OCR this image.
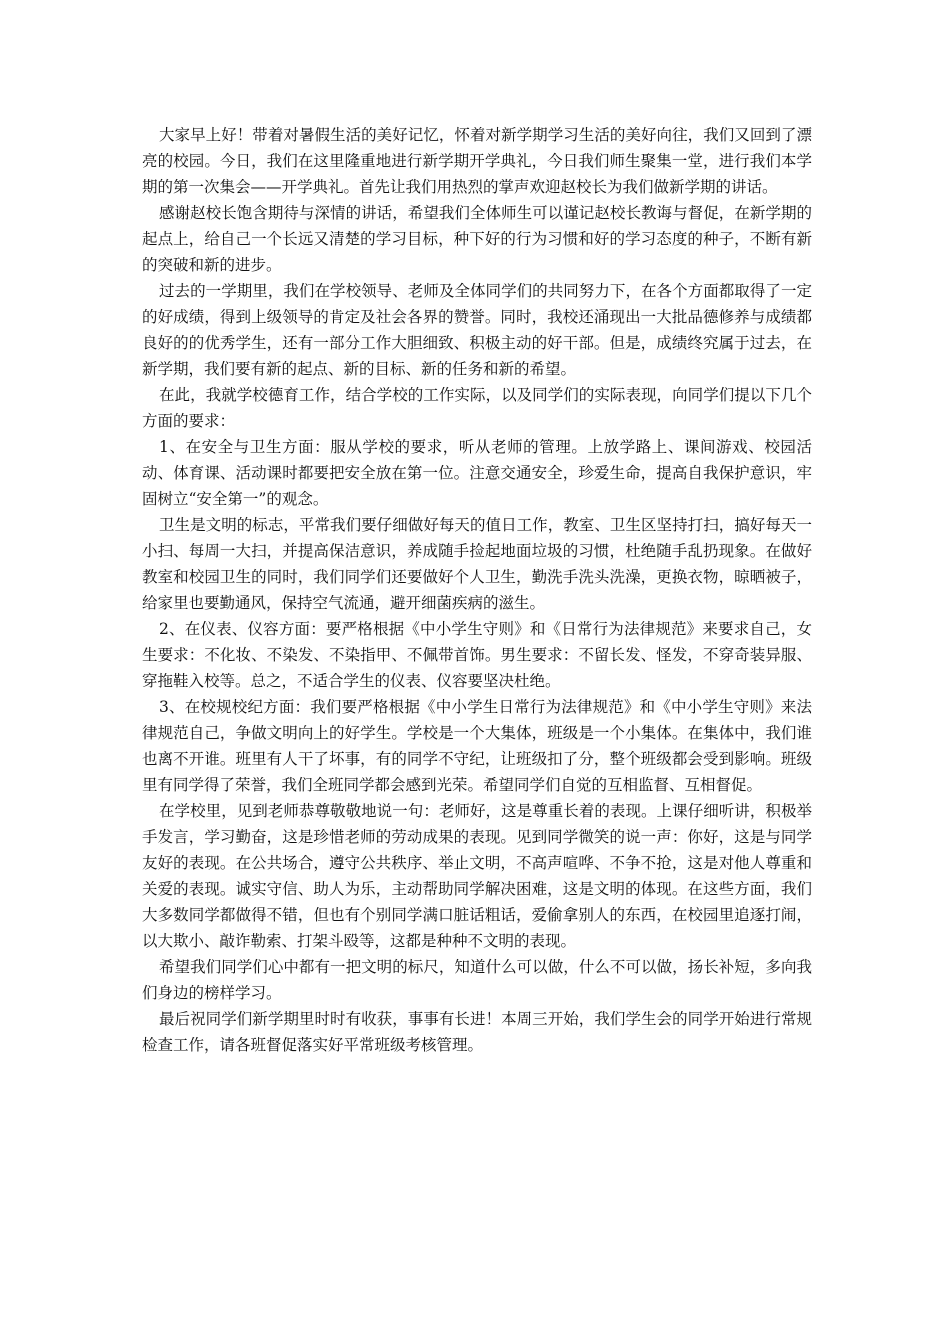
大家早上好！带着对暑假生活的美好记忆，怀着对新学期学习生活的美好向往，我们又回到了漂亮的校园。今日，我们在这里隆重地进行新学期开学典礼，今日我们师生聚集一堂，进行我们本学期的第一次集会——开学典礼。首先让我们用热烈的掌声欢迎赵校长为我们做新学期的讲话。

感谢赵校长饱含期待与深情的讲话，希望我们全体师生可以谨记赵校长教诲与督促，在新学期的起点上，给自己一个长远又清楚的学习目标，种下好的行为习惯和好的学习态度的种子，不断有新的突破和新的进步。

过去的一学期里，我们在学校领导、老师及全体同学们的共同努力下，在各个方面都取得了一定的好成绩，得到上级领导的肯定及社会各界的赞誉。同时，我校还涌现出一大批品德修养与成绩都良好的的优秀学生，还有一部分工作大胆细致、积极主动的好干部。但是，成绩终究属于过去，在新学期，我们要有新的起点、新的目标、新的任务和新的希望。

在此，我就学校德育工作，结合学校的工作实际，以及同学们的实际表现，向同学们提以下几个方面的要求：

1、在安全与卫生方面：服从学校的要求，听从老师的管理。上放学路上、课间游戏、校园活动、体育课、活动课时都要把安全放在第一位。注意交通安全，珍爱生命，提高自我保护意识，牢固树立“安全第一”的观念。

卫生是文明的标志，平常我们要仔细做好每天的值日工作，教室、卫生区坚持打扫，搞好每天一小扫、每周一大扫，并提高保洁意识，养成随手捡起地面垃圾的习惯，杜绝随手乱扔现象。在做好教室和校园卫生的同时，我们同学们还要做好个人卫生，勤洗手洗头洗澡，更换衣物，晾晒被子，给家里也要勤通风，保持空气流通，避开细菌疾病的滋生。

2、在仪表、仪容方面：要严格根据《中小学生守则》和《日常行为法律规范》来要求自己，女生要求：不化妆、不染发、不染指甲、不佩带首饰。男生要求：不留长发、怪发，不穿奇装异服、穿拖鞋入校等。总之，不适合学生的仪表、仪容要坚决杜绝。

3、在校规校纪方面：我们要严格根据《中小学生日常行为法律规范》和《中小学生守则》来法律规范自己，争做文明向上的好学生。学校是一个大集体，班级是一个小集体。在集体中，我们谁也离不开谁。班里有人干了坏事，有的同学不守纪，让班级扣了分，整个班级都会受到影响。班级里有同学得了荣誉，我们全班同学都会感到光荣。希望同学们自觉的互相监督、互相督促。

在学校里，见到老师恭尊敬敬地说一句：老师好，这是尊重长着的表现。上课仔细听讲，积极举手发言，学习勤奋，这是珍惜老师的劳动成果的表现。见到同学微笑的说一声：你好，这是与同学友好的表现。在公共场合，遵守公共秩序、举止文明，不高声喧哗、不争不抢，这是对他人尊重和关爱的表现。诚实守信、助人为乐，主动帮助同学解决困难，这是文明的体现。在这些方面，我们大多数同学都做得不错，但也有个别同学满口脏话粗话，爱偷拿别人的东西，在校园里追逐打闹，以大欺小、敲诈勒索、打架斗殴等，这都是种种不文明的表现。

希望我们同学们心中都有一把文明的标尺，知道什么可以做，什么不可以做，扬长补短，多向我们身边的榜样学习。

最后祝同学们新学期里时时有收获，事事有长进！本周三开始，我们学生会的同学开始进行常规检查工作，请各班督促落实好平常班级考核管理。
